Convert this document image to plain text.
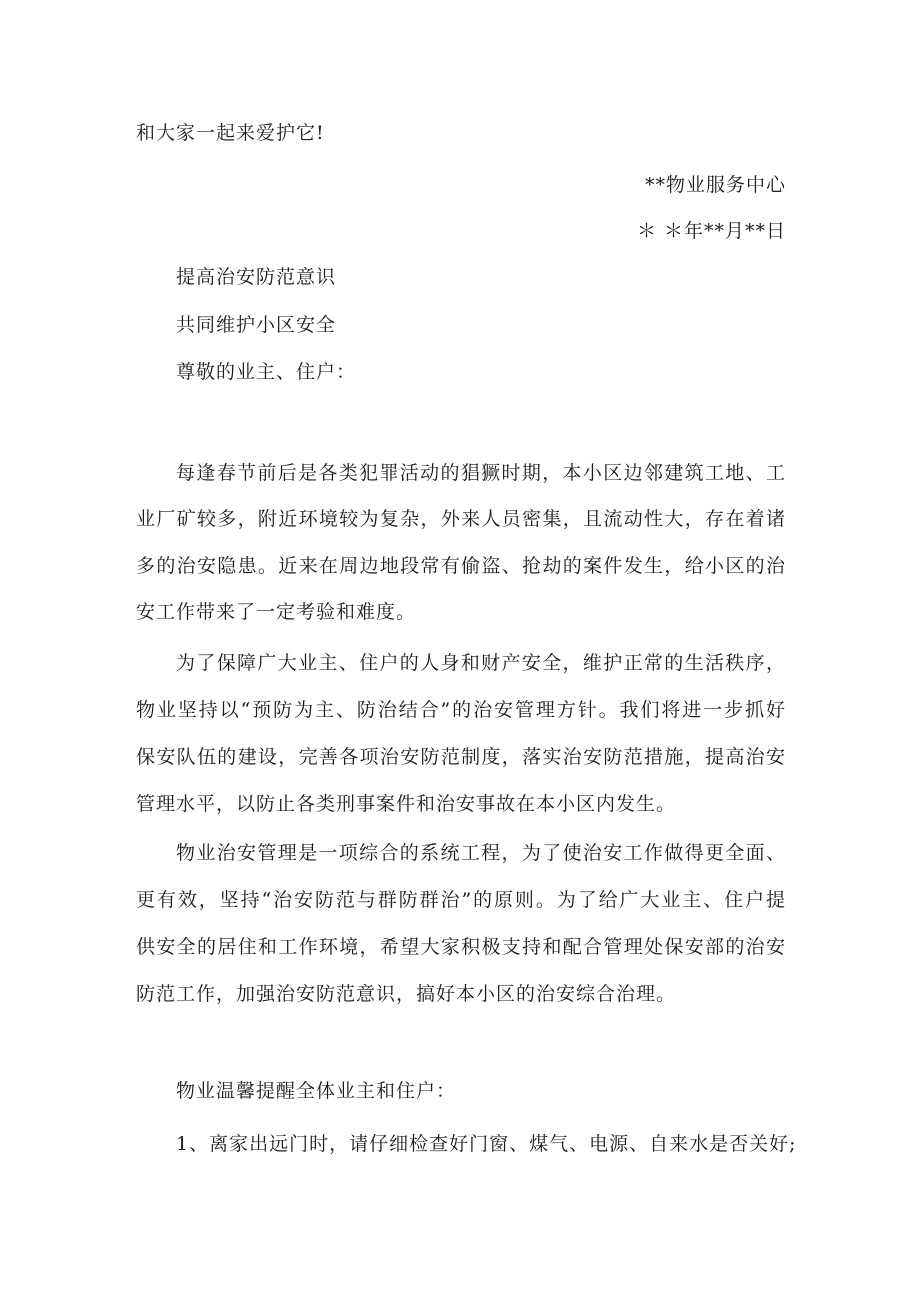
和大家一起来爱护它!
**物业服务中心
＊ ＊年**月**日
提高治安防范意识
共同维护小区安全
尊敬的业主、住户：
每逢春节前后是各类犯罪活动的猖獗时期，本小区边邻建筑工地、工
业厂矿较多，附近环境较为复杂，外来人员密集，且流动性大，存在着诸
多的治安隐患。近来在周边地段常有偷盗、抢劫的案件发生，给小区的治
安工作带来了一定考验和难度。
为了保障广大业主、住户的人身和财产安全，维护正常的生活秩序，
物业坚持以“预防为主、防治结合”的治安管理方针。我们将进一步抓好
保安队伍的建设，完善各项治安防范制度，落实治安防范措施，提高治安
管理水平，以防止各类刑事案件和治安事故在本小区内发生。
物业治安管理是一项综合的系统工程，为了使治安工作做得更全面、
更有效，坚持“治安防范与群防群治”的原则。为了给广大业主、住户提
供安全的居住和工作环境，希望大家积极支持和配合管理处保安部的治安
防范工作，加强治安防范意识，搞好本小区的治安综合治理。
物业温馨提醒全体业主和住户：
1、离家出远门时，请仔细检查好门窗、煤气、电源、自来水是否关好;
